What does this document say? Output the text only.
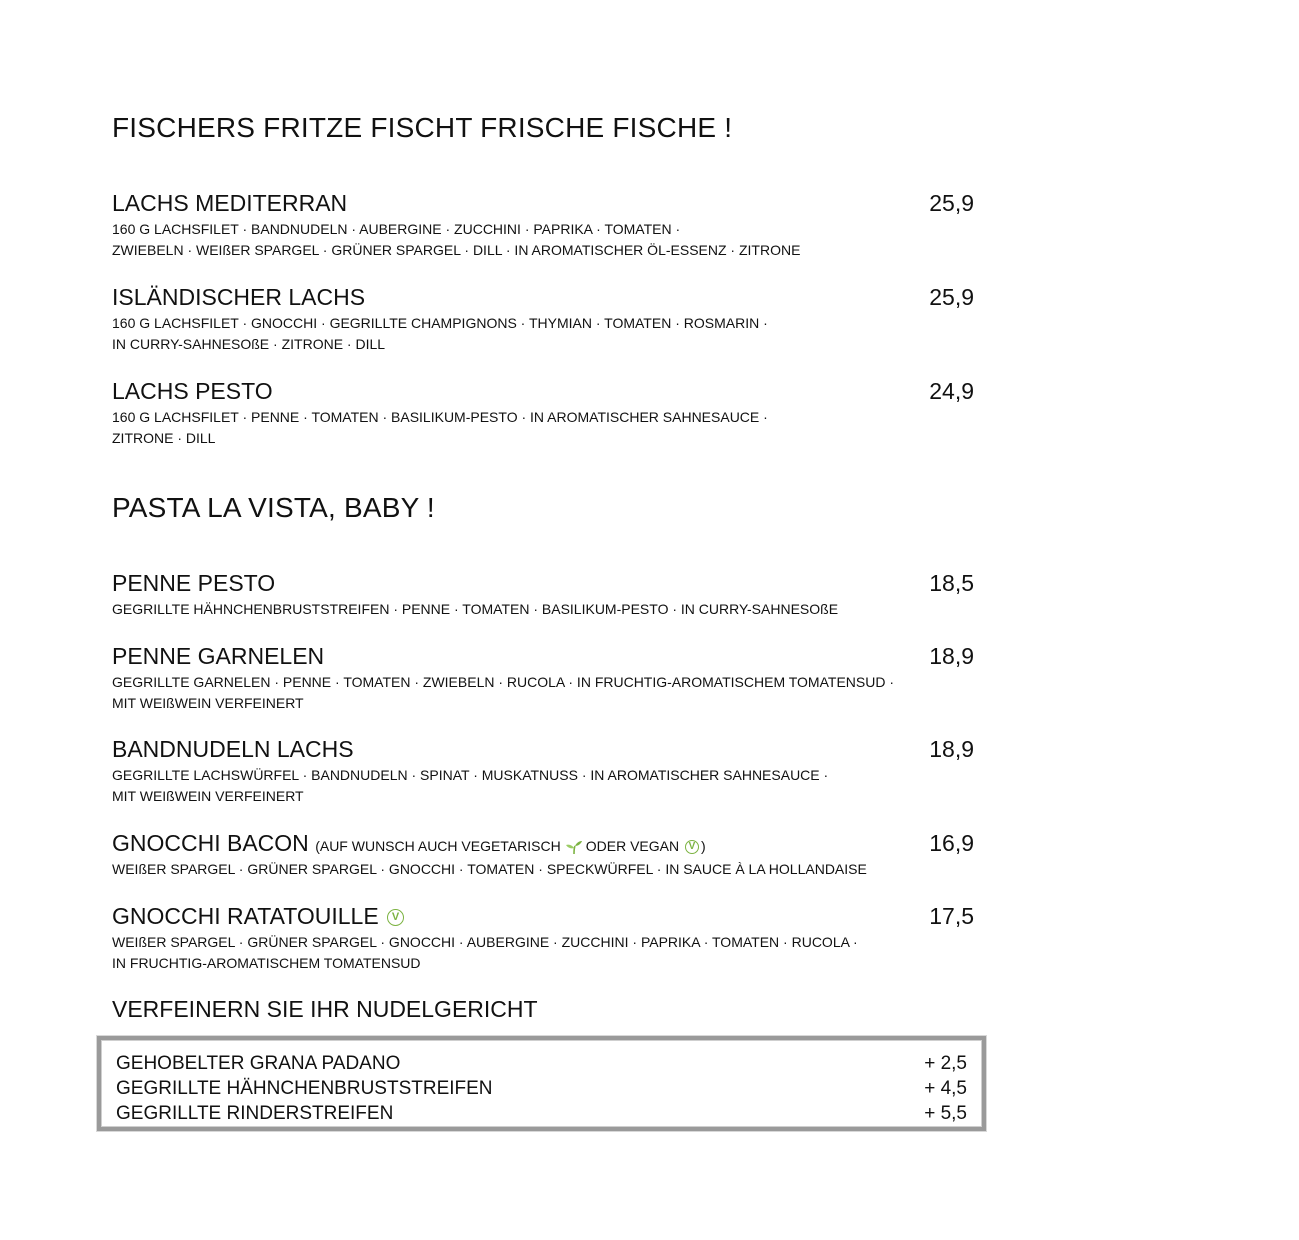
FISCHERS FRITZE FISCHT FRISCHE FISCHE !
LACHS MEDITERRAN	25,9
160 G LACHSFILET · BANDNUDELN · AUBERGINE · ZUCCHINI · PAPRIKA · TOMATEN ·
ZWIEBELN · WEIßER SPARGEL · GRÜNER SPARGEL · DILL · IN AROMATISCHER ÖL-ESSENZ · ZITRONE
ISLÄNDISCHER LACHS	25,9
160 G LACHSFILET · GNOCCHI · GEGRILLTE CHAMPIGNONS · THYMIAN · TOMATEN · ROSMARIN ·
IN CURRY-SAHNESOßE · ZITRONE · DILL
LACHS PESTO	24,9
160 G LACHSFILET · PENNE · TOMATEN · BASILIKUM-PESTO · IN AROMATISCHER SAHNESAUCE ·
ZITRONE · DILL
PASTA LA VISTA, BABY !
PENNE PESTO	18,5
GEGRILLTE HÄHNCHENBRUSTSTREIFEN · PENNE · TOMATEN · BASILIKUM-PESTO · IN CURRY-SAHNESOßE
PENNE GARNELEN	18,9
GEGRILLTE GARNELEN · PENNE · TOMATEN · ZWIEBELN · RUCOLA · IN FRUCHTIG-AROMATISCHEM TOMATENSUD ·
MIT WEIßWEIN VERFEINERT
BANDNUDELN LACHS	18,9
GEGRILLTE LACHSWÜRFEL · BANDNUDELN · SPINAT · MUSKATNUSS · IN AROMATISCHER SAHNESAUCE ·
MIT WEIßWEIN VERFEINERT
GNOCCHI BACON (AUF WUNSCH AUCH VEGETARISCH ODER VEGAN V )	16,9
WEIßER SPARGEL · GRÜNER SPARGEL · GNOCCHI · TOMATEN · SPECKWÜRFEL · IN SAUCE À LA HOLLANDAISE
GNOCCHI RATATOUILLE V	17,5
WEIßER SPARGEL · GRÜNER SPARGEL · GNOCCHI · AUBERGINE · ZUCCHINI · PAPRIKA · TOMATEN · RUCOLA ·
IN FRUCHTIG-AROMATISCHEM TOMATENSUD
VERFEINERN SIE IHR NUDELGERICHT
GEHOBELTER GRANA PADANO	+ 2,5
GEGRILLTE HÄHNCHENBRUSTSTREIFEN	+ 4,5
GEGRILLTE RINDERSTREIFEN	+ 5,5
